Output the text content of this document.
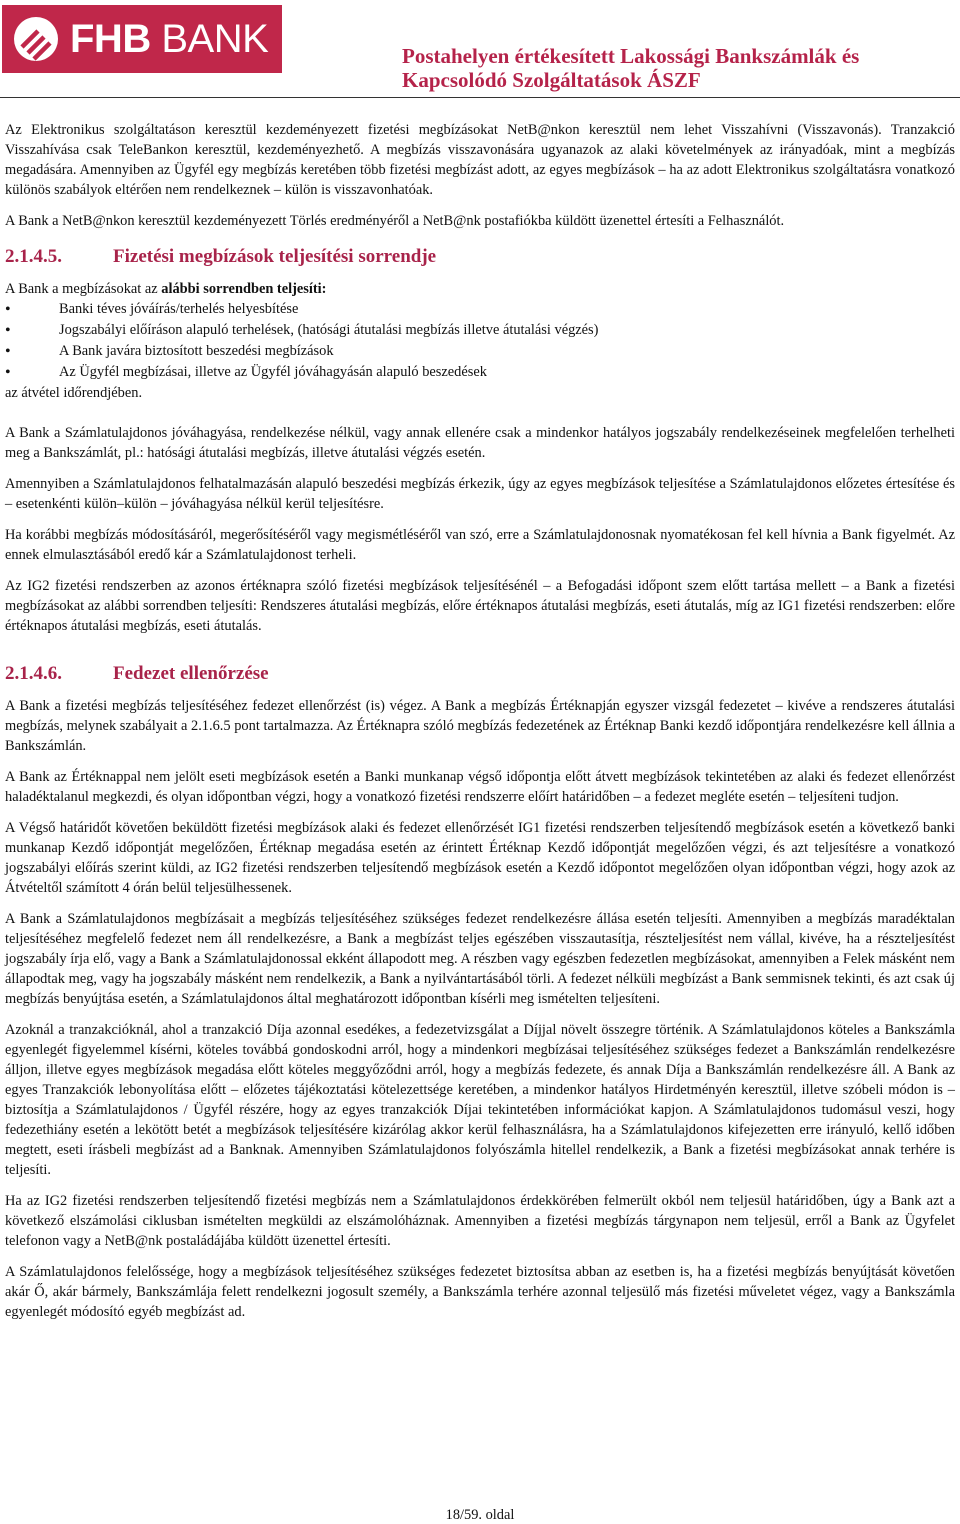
FHB BANK	Postahelyen értékesített Lakossági Bankszámlák és
Kapcsolódó Szolgáltatások ÁSZF

Az Elektronikus szolgáltatáson keresztül kezdeményezett fizetési megbízásokat NetB@nkon keresztül nem lehet Visszahívni (Visszavonás). Tranzakció Visszahívása csak TeleBankon keresztül, kezdeményezhető. A megbízás visszavonására ugyanazok az alaki követelmények az irányadóak, mint a megbízás megadására. Amennyiben az Ügyfél egy megbízás keretében több fizetési megbízást adott, az egyes megbízások – ha az adott Elektronikus szolgáltatásra vonatkozó különös szabályok eltérően nem rendelkeznek – külön is visszavonhatóak.

A Bank a NetB@nkon keresztül kezdeményezett Törlés eredményéről a NetB@nk postafiókba küldött üzenettel értesíti a Felhasználót.

2.1.4.5.	Fizetési megbízások teljesítési sorrendje

A Bank a megbízásokat az alábbi sorrendben teljesíti:

• Banki téves jóváírás/terhelés helyesbítése
• Jogszabályi előíráson alapuló terhelések, (hatósági átutalási megbízás illetve átutalási végzés)
• A Bank javára biztosított beszedési megbízások
• Az Ügyfél megbízásai, illetve az Ügyfél jóváhagyásán alapuló beszedések

az átvétel időrendjében.

A Bank a Számlatulajdonos jóváhagyása, rendelkezése nélkül, vagy annak ellenére csak a mindenkor hatályos jogszabály rendelkezéseinek megfelelően terhelheti meg a Bankszámlát, pl.: hatósági átutalási megbízás, illetve átutalási végzés esetén.

Amennyiben a Számlatulajdonos felhatalmazásán alapuló beszedési megbízás érkezik, úgy az egyes megbízások teljesítése a Számlatulajdonos előzetes értesítése és – esetenkénti külön–külön – jóváhagyása nélkül kerül teljesítésre.

Ha korábbi megbízás módosításáról, megerősítéséről vagy megismétléséről van szó, erre a Számlatulajdonosnak nyomatékosan fel kell hívnia a Bank figyelmét. Az ennek elmulasztásából eredő kár a Számlatulajdonost terheli.

Az IG2 fizetési rendszerben az azonos értéknapra szóló fizetési megbízások teljesítésénél – a Befogadási időpont szem előtt tartása mellett – a Bank a fizetési megbízásokat az alábbi sorrendben teljesíti: Rendszeres átutalási megbízás, előre értéknapos átutalási megbízás, eseti átutalás, míg az IG1 fizetési rendszerben: előre értéknapos átutalási megbízás, eseti átutalás.

2.1.4.6.	Fedezet ellenőrzése

A Bank a fizetési megbízás teljesítéséhez fedezet ellenőrzést (is) végez. A Bank a megbízás Értéknapján egyszer vizsgál fedezetet – kivéve a rendszeres átutalási megbízás, melynek szabályait a 2.1.6.5 pont tartalmazza. Az Értéknapra szóló megbízás fedezetének az Értéknap Banki kezdő időpontjára rendelkezésre kell állnia a Bankszámlán.

A Bank az Értéknappal nem jelölt eseti megbízások esetén a Banki munkanap végső időpontja előtt átvett megbízások tekintetében az alaki és fedezet ellenőrzést haladéktalanul megkezdi, és olyan időpontban végzi, hogy a vonatkozó fizetési rendszerre előírt határidőben – a fedezet megléte esetén – teljesíteni tudjon.

A Végső határidőt követően beküldött fizetési megbízások alaki és fedezet ellenőrzését IG1 fizetési rendszerben teljesítendő megbízások esetén a következő banki munkanap Kezdő időpontját megelőzően, Értéknap megadása esetén az érintett Értéknap Kezdő időpontját megelőzően végzi, és azt teljesítésre a vonatkozó jogszabályi előírás szerint küldi, az IG2 fizetési rendszerben teljesítendő megbízások esetén a Kezdő időpontot megelőzően olyan időpontban végzi, hogy azok az Átvételtől számított 4 órán belül teljesülhessenek.

A Bank a Számlatulajdonos megbízásait a megbízás teljesítéséhez szükséges fedezet rendelkezésre állása esetén teljesíti. Amennyiben a megbízás maradéktalan teljesítéséhez megfelelő fedezet nem áll rendelkezésre, a Bank a megbízást teljes egészében visszautasítja, részteljesítést nem vállal, kivéve, ha a részteljesítést jogszabály írja elő, vagy a Bank a Számlatulajdonossal ekként állapodott meg. A részben vagy egészben fedezetlen megbízásokat, amennyiben a Felek másként nem állapodtak meg, vagy ha jogszabály másként nem rendelkezik, a Bank a nyilvántartásából törli. A fedezet nélküli megbízást a Bank semmisnek tekinti, és azt csak új megbízás benyújtása esetén, a Számlatulajdonos által meghatározott időpontban kísérli meg ismételten teljesíteni.

Azoknál a tranzakcióknál, ahol a tranzakció Díja azonnal esedékes, a fedezetvizsgálat a Díjjal növelt összegre történik. A Számlatulajdonos köteles a Bankszámla egyenlegét figyelemmel kísérni, köteles továbbá gondoskodni arról, hogy a mindenkori megbízásai teljesítéséhez szükséges fedezet a Bankszámlán rendelkezésre álljon, illetve egyes megbízások megadása előtt köteles meggyőződni arról, hogy a megbízás fedezete, és annak Díja a Bankszámlán rendelkezésre áll. A Bank az egyes Tranzakciók lebonyolítása előtt – előzetes tájékoztatási kötelezettsége keretében, a mindenkor hatályos Hirdetményén keresztül, illetve szóbeli módon is – biztosítja a Számlatulajdonos / Ügyfél részére, hogy az egyes tranzakciók Díjai tekintetében információkat kapjon. A Számlatulajdonos tudomásul veszi, hogy fedezethiány esetén a lekötött betét a megbízások teljesítésére kizárólag akkor kerül felhasználásra, ha a Számlatulajdonos kifejezetten erre irányuló, kellő időben megtett, eseti írásbeli megbízást ad a Banknak. Amennyiben Számlatulajdonos folyószámla hitellel rendelkezik, a Bank a fizetési megbízásokat annak terhére is teljesíti.

Ha az IG2 fizetési rendszerben teljesítendő fizetési megbízás nem a Számlatulajdonos érdekkörében felmerült okból nem teljesül határidőben, úgy a Bank azt a következő elszámolási ciklusban ismételten megküldi az elszámolóháznak. Amennyiben a fizetési megbízás tárgynapon nem teljesül, erről a Bank az Ügyfelet telefonon vagy a NetB@nk postaládájába küldött üzenettel értesíti.

A Számlatulajdonos felelőssége, hogy a megbízások teljesítéséhez szükséges fedezetet biztosítsa abban az esetben is, ha a fizetési megbízás benyújtását követően akár Ő, akár bármely, Bankszámlája felett rendelkezni jogosult személy, a Bankszámla terhére azonnal teljesülő más fizetési műveletet végez, vagy a Bankszámla egyenlegét módosító egyéb megbízást ad.

18/59. oldal
